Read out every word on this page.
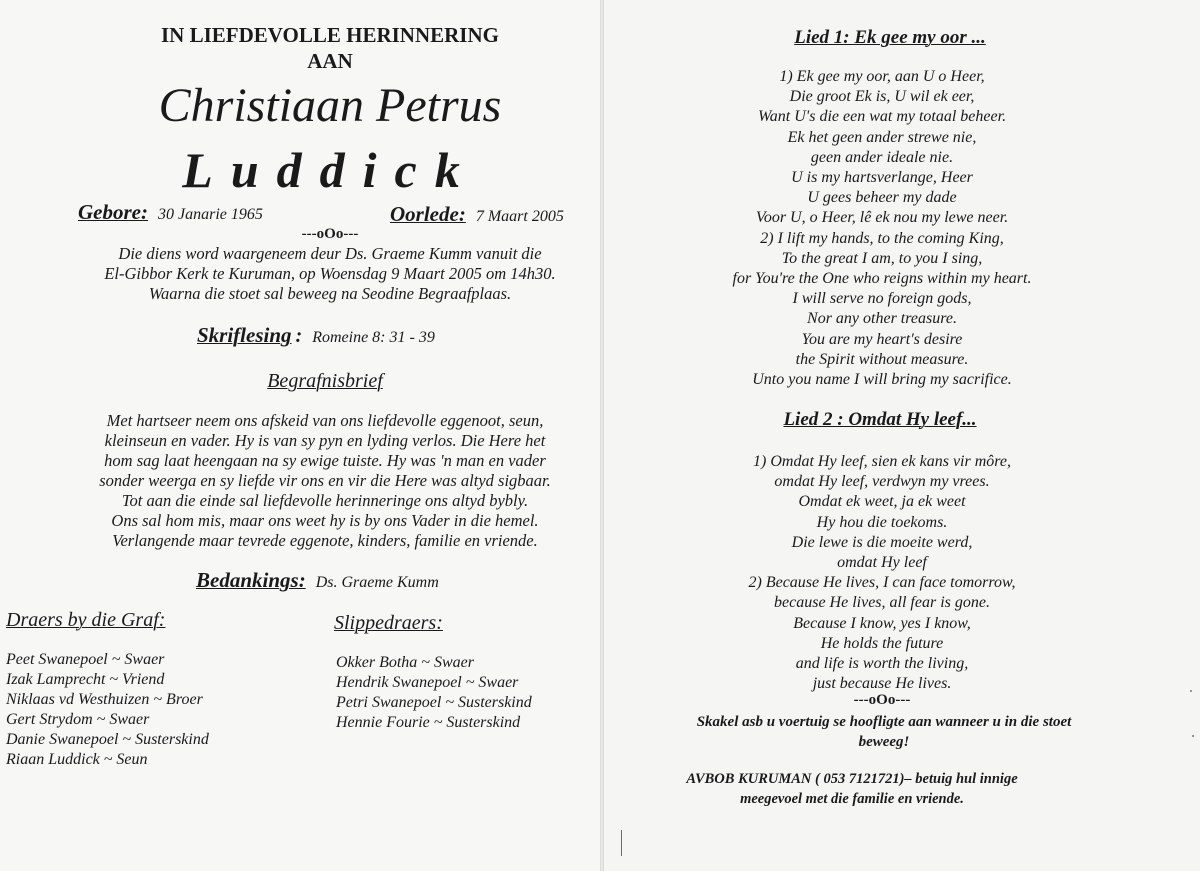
IN LIEFDEVOLLE HERINNERING
AAN
Christiaan Petrus
Luddick
Gebore: 30 Janarie 1965	Oorlede: 7 Maart 2005
---oOo---
Die diens word waargeneem deur Ds. Graeme Kumm vanuit die
El-Gibbor Kerk te Kuruman, op Woensdag 9 Maart 2005 om 14h30.
Waarna die stoet sal beweeg na Seodine Begraafplaas.
Skriflesing : Romeine 8: 31 - 39
Begrafnisbrief
Met hartseer neem ons afskeid van ons liefdevolle eggenoot, seun,
kleinseun en vader. Hy is van sy pyn en lyding verlos. Die Here het
hom sag laat heengaan na sy ewige tuiste. Hy was 'n man en vader
sonder weerga en sy liefde vir ons en vir die Here was altyd sigbaar.
Tot aan die einde sal liefdevolle herinneringe ons altyd bybly.
Ons sal hom mis, maar ons weet hy is by ons Vader in die hemel.
Verlangende maar tevrede eggenote, kinders, familie en vriende.
Bedankings: Ds. Graeme Kumm
Draers by die Graf:
Peet Swanepoel ~ Swaer
Izak Lamprecht ~ Vriend
Niklaas vd Westhuizen ~ Broer
Gert Strydom ~ Swaer
Danie Swanepoel ~ Susterskind
Riaan Luddick ~ Seun
Slippedraers:
Okker Botha ~ Swaer
Hendrik Swanepoel ~ Swaer
Petri Swanepoel ~ Susterskind
Hennie Fourie ~ Susterskind
Lied 1: Ek gee my oor ...
1) Ek gee my oor, aan U o Heer,
Die groot Ek is, U wil ek eer,
Want U's die een wat my totaal beheer.
Ek het geen ander strewe nie,
geen ander ideale nie.
U is my hartsverlange, Heer
U gees beheer my dade
Voor U, o Heer, lê ek nou my lewe neer.
2) I lift my hands, to the coming King,
To the great I am, to you I sing,
for You're the One who reigns within my heart.
I will serve no foreign gods,
Nor any other treasure.
You are my heart's desire
the Spirit without measure.
Unto you name I will bring my sacrifice.
Lied 2 : Omdat Hy leef...
1) Omdat Hy leef, sien ek kans vir môre,
omdat Hy leef, verdwyn my vrees.
Omdat ek weet, ja ek weet
Hy hou die toekoms.
Die lewe is die moeite werd,
omdat Hy leef
2) Because He lives, I can face tomorrow,
because He lives, all fear is gone.
Because I know, yes I know,
He holds the future
and life is worth the living,
just because He lives.
---oOo---
Skakel asb u voertuig se hoofligte aan wanneer u in die stoet
beweeg!
AVBOB KURUMAN ( 053 7121721)– betuig hul innige
meegevoel met die familie en vriende.
